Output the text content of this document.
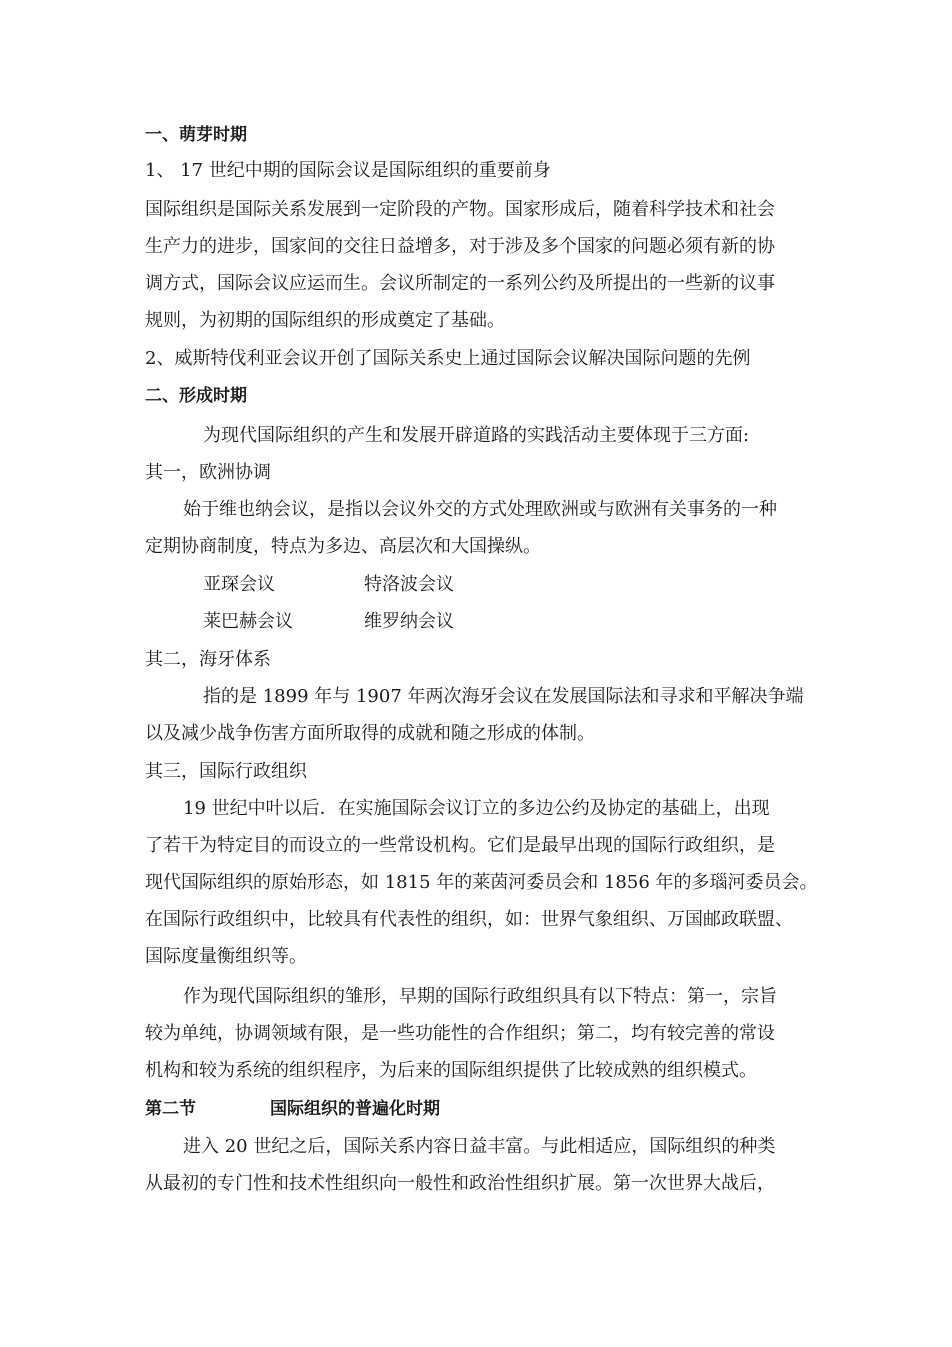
一、萌芽时期
1、 17 世纪中期的国际会议是国际组织的重要前身
国际组织是国际关系发展到一定阶段的产物。国家形成后，随着科学技术和社会
生产力的进步，国家间的交往日益增多，对于涉及多个国家的问题必须有新的协
调方式，国际会议应运而生。会议所制定的一系列公约及所提出的一些新的议事
规则，为初期的国际组织的形成奠定了基础。
2、威斯特伐利亚会议开创了国际关系史上通过国际会议解决国际问题的先例
二、形成时期
为现代国际组织的产生和发展开辟道路的实践活动主要体现于三方面:
其一，欧洲协调
始于维也纳会议，是指以会议外交的方式处理欧洲或与欧洲有关事务的一种
定期协商制度，特点为多边、高层次和大国操纵。
亚琛会议	特洛波会议
莱巴赫会议	维罗纳会议
其二，海牙体系
指的是 1899 年与 1907 年两次海牙会议在发展国际法和寻求和平解决争端
以及减少战争伤害方面所取得的成就和随之形成的体制。
其三，国际行政组织
19 世纪中叶以后．在实施国际会议订立的多边公约及协定的基础上，出现
了若干为特定目的而设立的一些常设机构。它们是最早出现的国际行政组织，是
现代国际组织的原始形态，如 1815 年的莱茵河委员会和 1856 年的多瑙河委员会。
在国际行政组织中，比较具有代表性的组织，如：世界气象组织、万国邮政联盟、
国际度量衡组织等。
作为现代国际组织的雏形，早期的国际行政组织具有以下特点：第一，宗旨
较为单纯，协调领域有限，是一些功能性的合作组织；第二，均有较完善的常设
机构和较为系统的组织程序，为后来的国际组织提供了比较成熟的组织模式。
第二节	国际组织的普遍化时期
进入 20 世纪之后，国际关系内容日益丰富。与此相适应，国际组织的种类
从最初的专门性和技术性组织向一般性和政治性组织扩展。第一次世界大战后，
